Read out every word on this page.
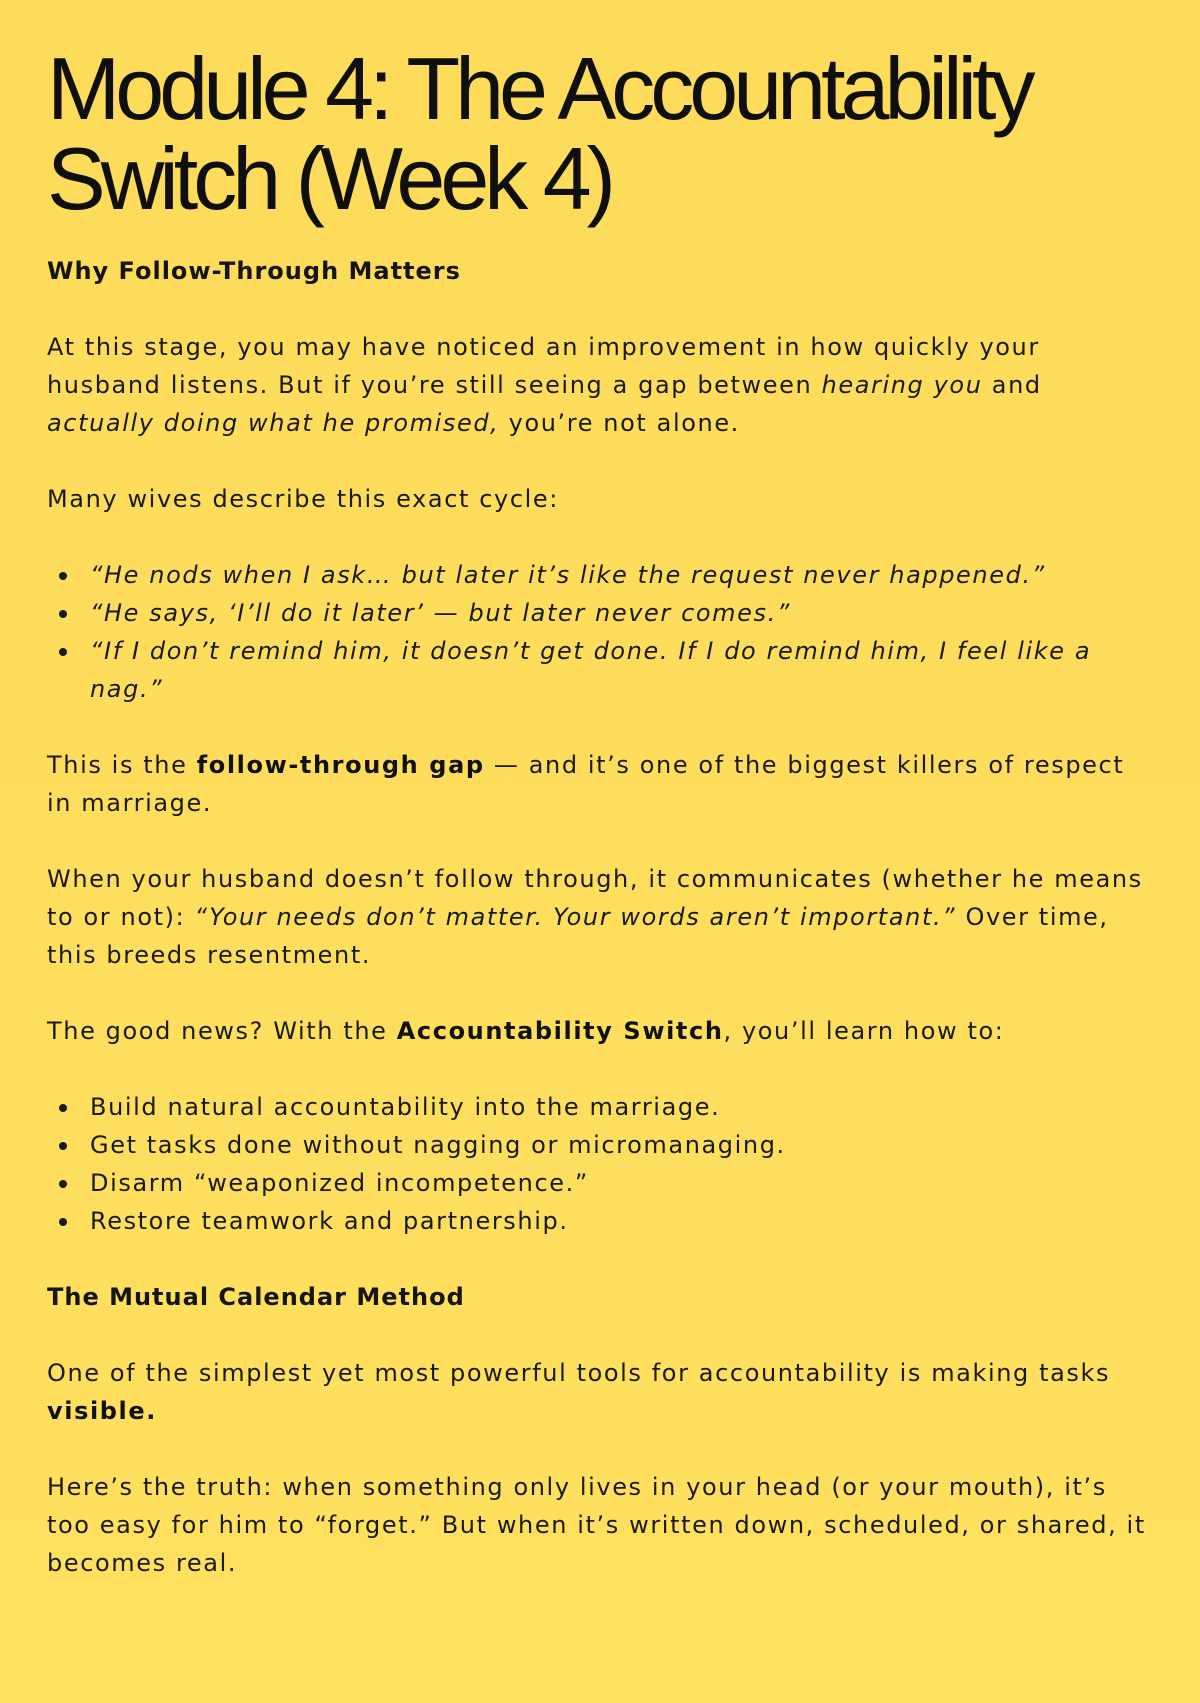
Module 4: The Accountability Switch (Week 4)
Why Follow-Through Matters

At this stage, you may have noticed an improvement in how quickly your husband listens. But if you’re still seeing a gap between hearing you and actually doing what he promised, you’re not alone.

Many wives describe this exact cycle:

“He nods when I ask… but later it’s like the request never happened.”
“He says, ‘I’ll do it later’ — but later never comes.”
“If I don’t remind him, it doesn’t get done. If I do remind him, I feel like a nag.”

This is the follow-through gap — and it’s one of the biggest killers of respect in marriage.

When your husband doesn’t follow through, it communicates (whether he means to or not): “Your needs don’t matter. Your words aren’t important.” Over time, this breeds resentment.

The good news? With the Accountability Switch, you’ll learn how to:

Build natural accountability into the marriage.
Get tasks done without nagging or micromanaging.
Disarm “weaponized incompetence.”
Restore teamwork and partnership.
The Mutual Calendar Method

One of the simplest yet most powerful tools for accountability is making tasks visible.

Here’s the truth: when something only lives in your head (or your mouth), it’s too easy for him to “forget.” But when it’s written down, scheduled, or shared, it becomes real.
